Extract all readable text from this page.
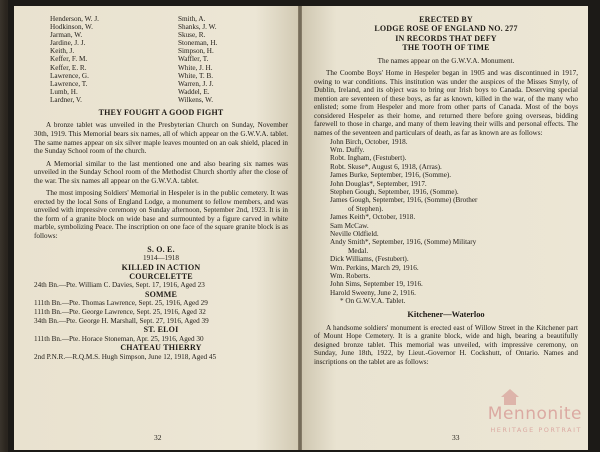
Henderson, W. J.
Hodkinson, W.
Jarman, W.
Jardine, J. J.
Keith, J.
Keffer, F. M.
Keffer, E. R.
Lawrence, G.
Lawrence, T.
Lumb, H.
Lardner, V.
Smith, A.
Shanks, J. W.
Skuse, R.
Stoneman, H.
Simpson, H.
Waffler, T.
White, J. H.
White, T. B.
Warren, J. J.
Waddel, E.
Wilkens, W.
THEY FOUGHT A GOOD FIGHT

A bronze tablet was unveiled in the Presbyterian Church on Sunday, November 30th, 1919. This Memorial bears six names, all of which appear on the G.W.V.A. tablet. The same names appear on six silver maple leaves mounted on an oak shield, placed in the Sunday School room of the church.

A Memorial similar to the last mentioned one and also bearing six names was unveiled in the Sunday School room of the Methodist Church shortly after the close of the war. The six names all appear on the G.W.V.A. tablet.

The most imposing Soldiers' Memorial in Hespeler is in the public cemetery. It was erected by the local Sons of England Lodge, a monument to fellow members, and was unveiled with impressive ceremony on Sunday afternoon, September 2nd, 1923. It is in the form of a granite block on wide base and surmounted by a figure carved in white marble, symbolizing Peace. The inscription on one face of the square granite block is as follows:

S. O. E.
1914—1918
KILLED IN ACTION
COURCELETTE
24th Bn.—Pte. William C. Davies, Sept. 17, 1916, Aged 23
SOMME
111th Bn.—Pte. Thomas Lawrence, Sept. 25, 1916, Aged 29
111th Bn.—Pte. George Lawrence, Sept. 25, 1916, Aged 32
34th Bn.—Pte. George H. Marshall, Sept. 27, 1916, Aged 39
ST. ELOI
111th Bn.—Pte. Horace Stoneman, Apr. 25, 1916, Aged 30
CHATEAU THIERRY
2nd P.N.R.—R.Q.M.S. Hugh Simpson, June 12, 1918, Aged 45
32
ERECTED BY
LODGE ROSE OF ENGLAND NO. 277
IN RECORDS THAT DEFY
THE TOOTH OF TIME

The names appear on the G.W.V.A. Monument.

The Coombe Boys' Home in Hespeler began in 1905 and was discontinued in 1917, owing to war conditions. This institution was under the auspices of the Misses Smyly, of Dublin, Ireland, and its object was to bring our Irish boys to Canada. Deserving special mention are seventeen of these boys, as far as known, killed in the war, of the many who enlisted; some from Hespeler and more from other parts of Canada. Most of the boys considered Hespeler as their home, and returned there before going overseas, bidding farewell to those in charge, and many of them leaving their wills and personal effects. The names of the seventeen and particulars of death, as far as known are as follows:

John Birch, October, 1918.
Wm. Duffy.
Robt. Ingham, (Festubert).
Robt. Skuse*, August 6, 1918, (Arras).
James Burke, September, 1916, (Somme).
John Douglas*, September, 1917.
Stephen Gough, September, 1916, (Somme).
James Gough, September, 1916, (Somme) (Brother
of Stephen).
James Keith*, October, 1918.
Sam McCaw.
Neville Oldfield.
Andy Smith*, September, 1916, (Somme) Military
Medal.
Dick Williams, (Festubert).
Wm. Perkins, March 29, 1916.
Wm. Roberts.
John Sims, September 19, 1916.
Harold Sweeny, June 2, 1916.

* On G.W.V.A. Tablet.

Kitchener—Waterloo

A handsome soldiers' monument is erected east of Willow Street in the Kitchener part of Mount Hope Cemetery. It is a granite block, wide and high, bearing a beautifully designed bronze tablet. This memorial was unveiled, with impressive ceremony, on Sunday, June 18th, 1922, by Lieut.-Governor H. Cockshutt, of Ontario. Names and inscriptions on the tablet are as follows:

33
Mennonite
HERITAGE PORTRAIT
